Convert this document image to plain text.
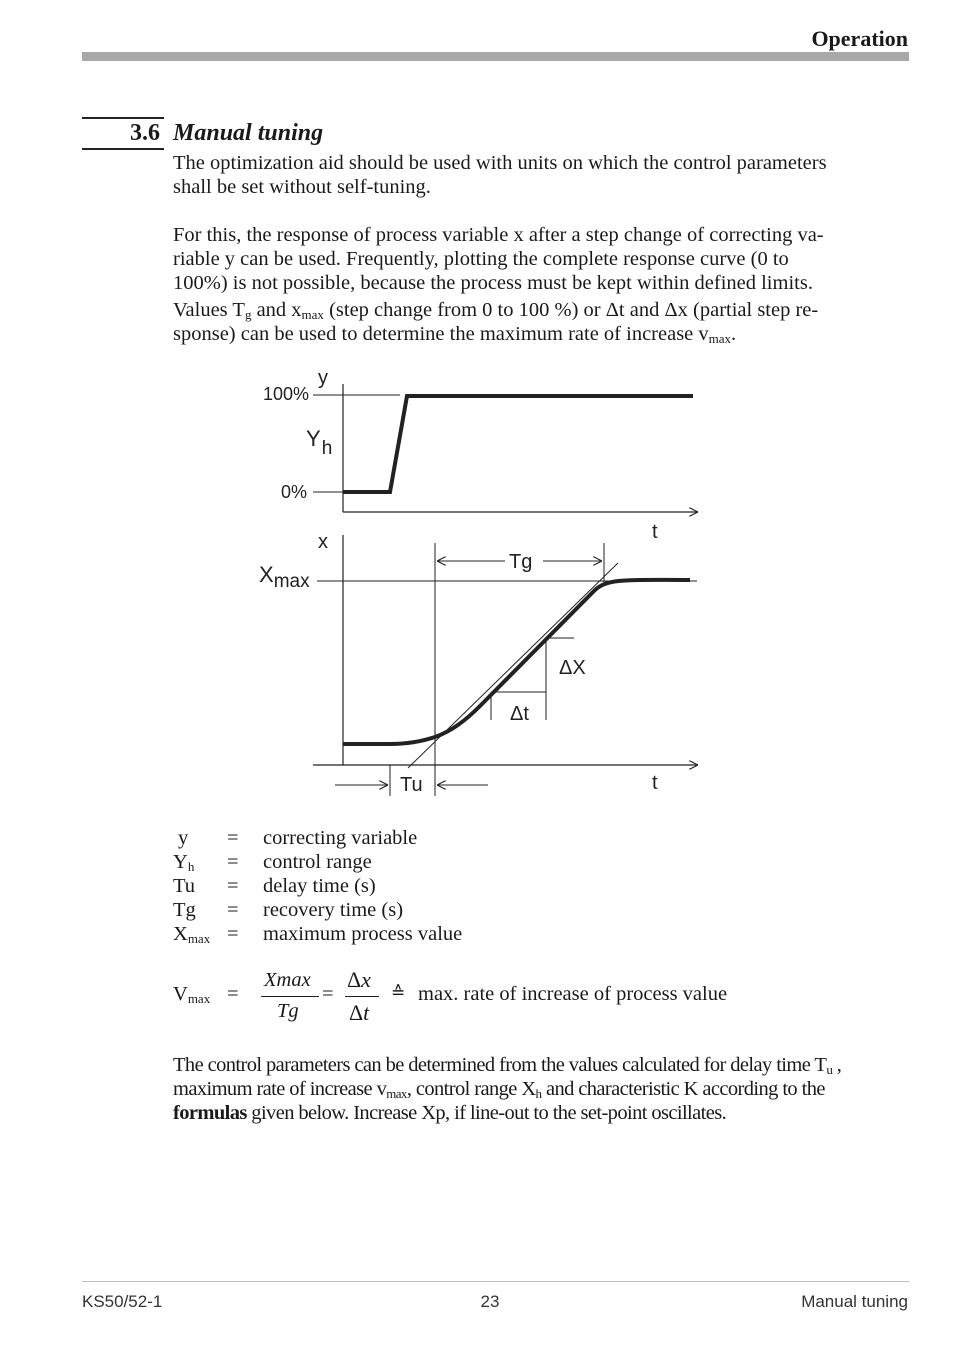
Operation
3.6 Manual tuning
The optimization aid should be used with units on which the control parameters
shall be set without self-tuning.
For this, the response of process variable x after a step change of correcting va-
riable y can be used. Frequently, plotting the complete response curve (0 to
100%) is not possible, because the process must be kept within defined limits.
Values $T_g$ and $x_{max}$ (step change from 0 to 100 %) or Δt and Δx (partial step re-
sponse) can be used to determine the maximum rate of increase $v_{max}$.
y
100%
0%
Yh
t
x
Xmax
Tg
ΔX
Δt
Tu	t
y = correcting variable
$Y_h$ = control range
Tu = delay time (s)
Tg = recovery time (s)
$X_{max}$ = maximum process value
$V_{max}$ =
Xmax
Tg
=
Δx
Δt
≙ max. rate of increase of process value
The control parameters can be determined from the values calculated for delay time $T_u$ ,
maximum rate of increase $v_{max}$, control range $X_h$ and characteristic K according to the
formulas given below. Increase Xp, if line-out to the set-point oscillates.
KS50/52-1	23	Manual tuning
